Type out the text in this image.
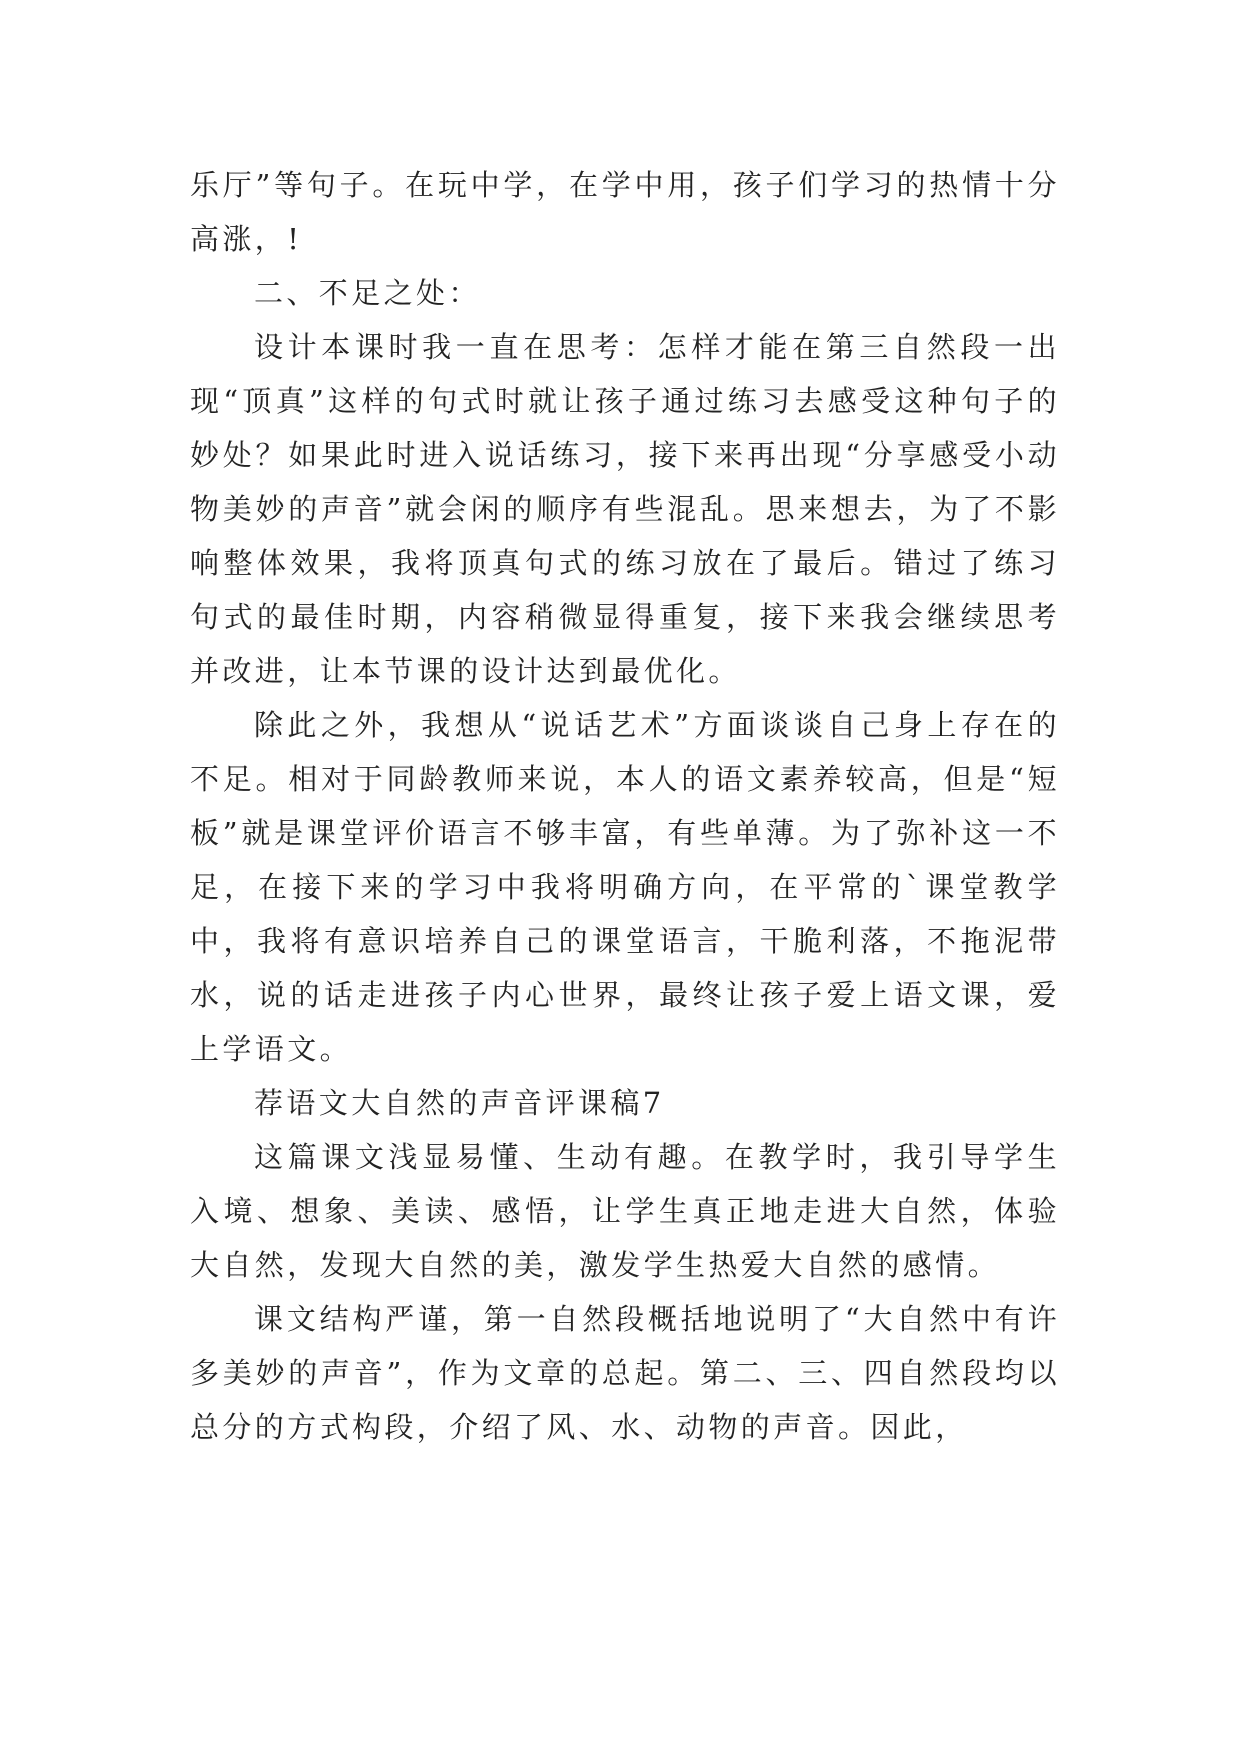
乐厅”等句子。在玩中学，在学中用，孩子们学习的热情十分高涨，!

二、不足之处：

设计本课时我一直在思考：怎样才能在第三自然段一出现“顶真”这样的句式时就让孩子通过练习去感受这种句子的妙处？如果此时进入说话练习，接下来再出现“分享感受小动物美妙的声音”就会闲的顺序有些混乱。思来想去，为了不影响整体效果，我将顶真句式的练习放在了最后。错过了练习句式的最佳时期，内容稍微显得重复，接下来我会继续思考并改进，让本节课的设计达到最优化。

除此之外，我想从“说话艺术”方面谈谈自己身上存在的不足。相对于同龄教师来说，本人的语文素养较高，但是“短板”就是课堂评价语言不够丰富，有些单薄。为了弥补这一不足，在接下来的学习中我将明确方向，在平常的`课堂教学中，我将有意识培养自己的课堂语言，干脆利落，不拖泥带水，说的话走进孩子内心世界，最终让孩子爱上语文课，爱上学语文。

荐语文大自然的声音评课稿7

这篇课文浅显易懂、生动有趣。在教学时，我引导学生入境、想象、美读、感悟，让学生真正地走进大自然，体验大自然，发现大自然的美，激发学生热爱大自然的感情。

课文结构严谨，第一自然段概括地说明了“大自然中有许多美妙的声音”，作为文章的总起。第二、三、四自然段均以总分的方式构段，介绍了风、水、动物的声音。因此，
